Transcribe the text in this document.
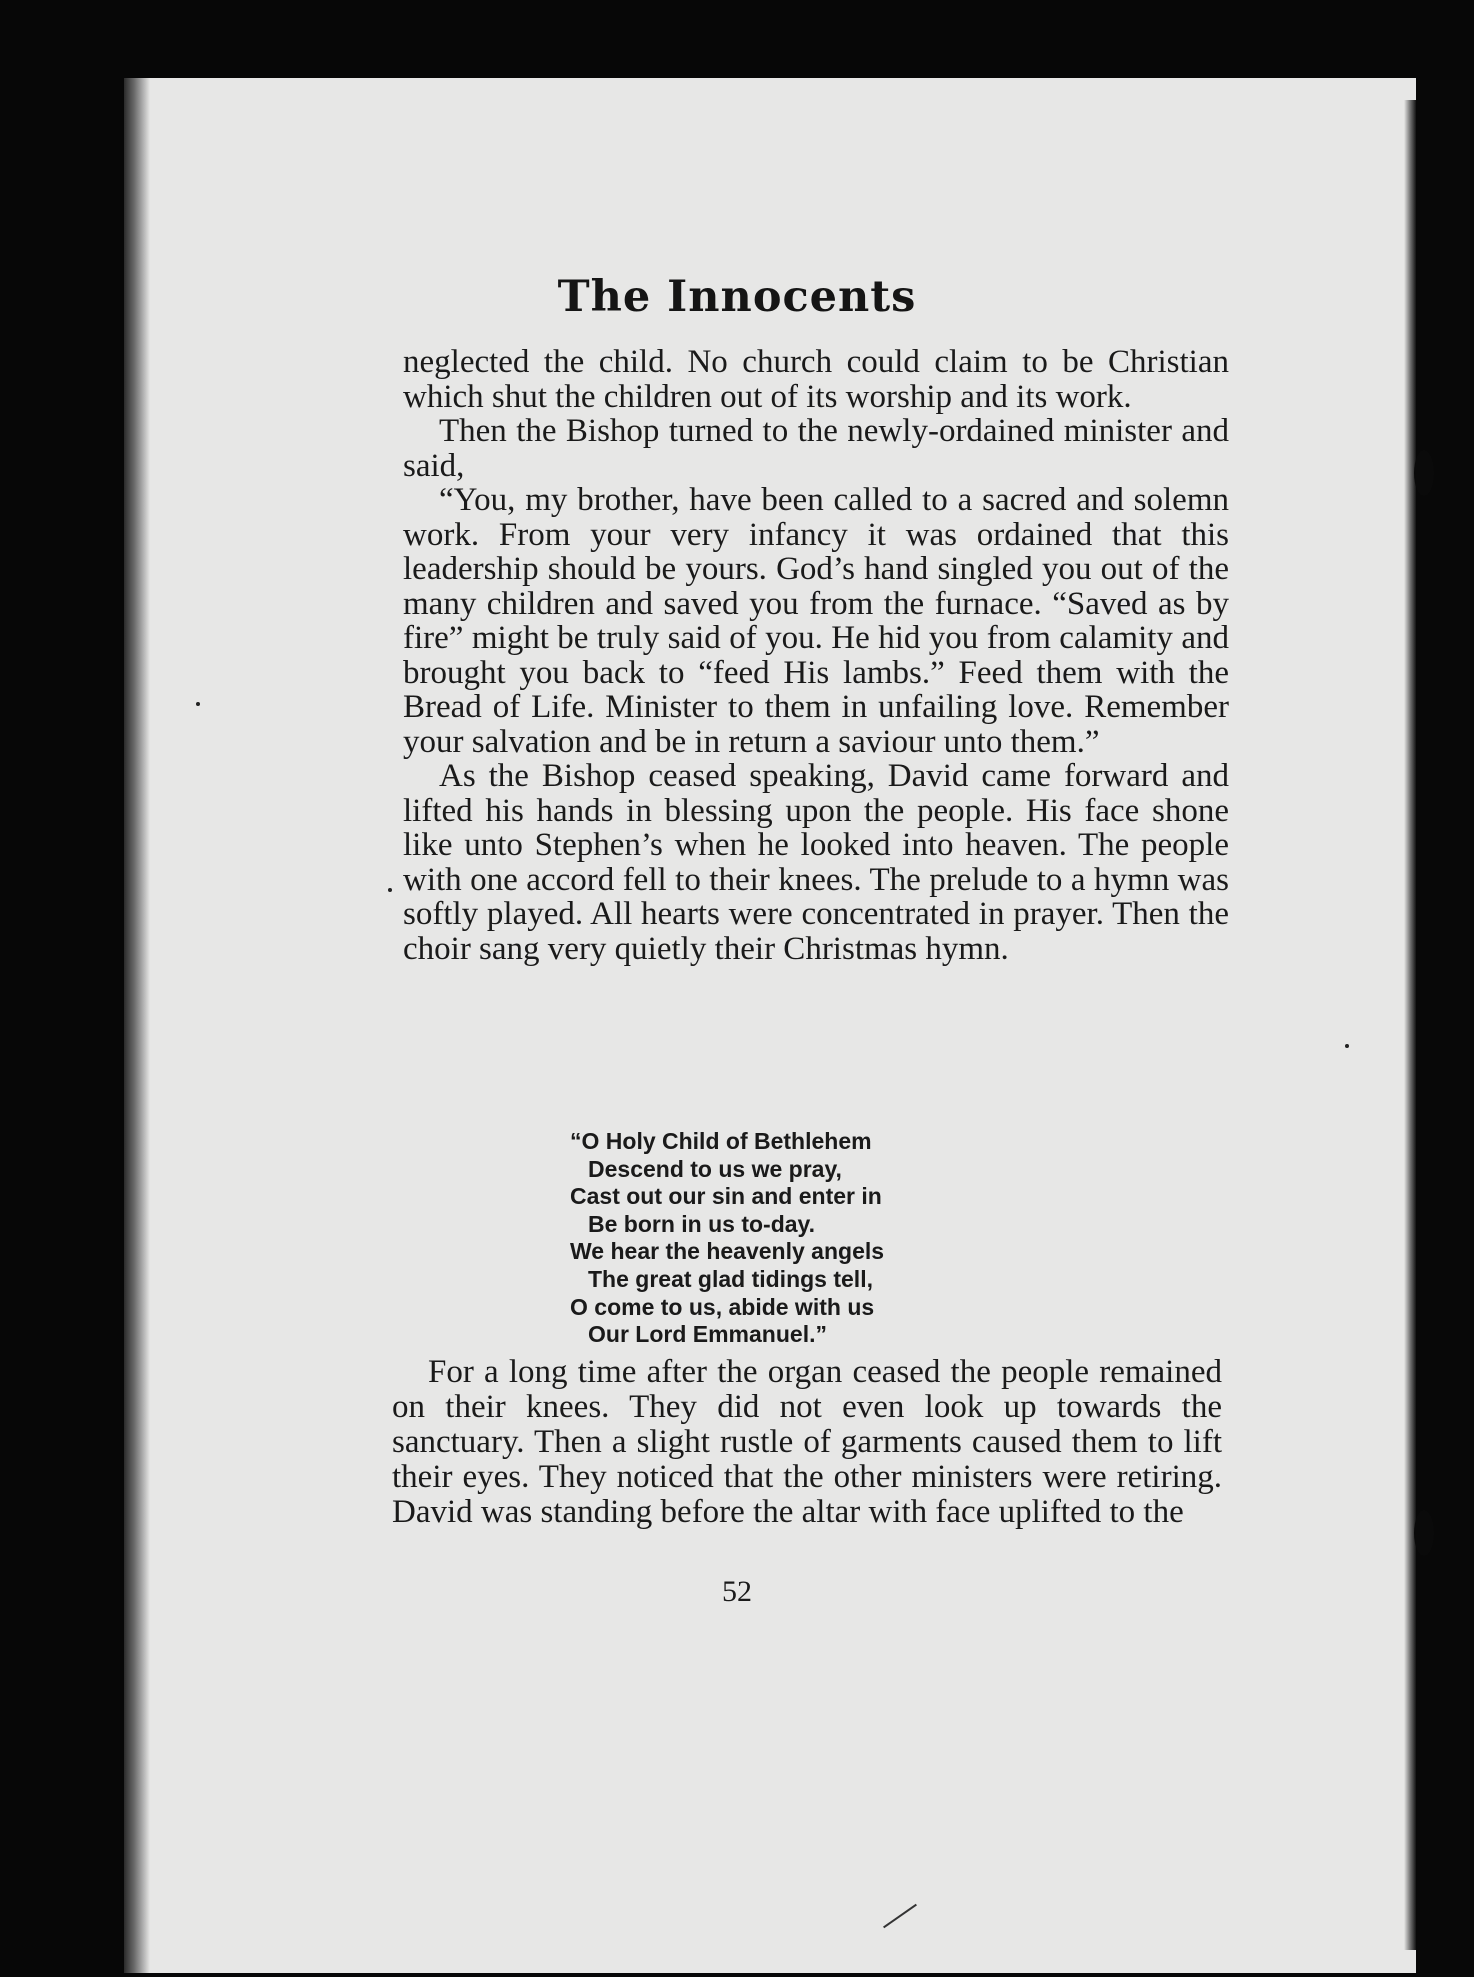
The Innocents

neglected the child. No church could claim to be Christian which shut the children out of its worship and its work.

Then the Bishop turned to the newly-ordained minister and said,

“You, my brother, have been called to a sacred and solemn work. From your very infancy it was ordained that this leadership should be yours. God’s hand singled you out of the many children and saved you from the furnace. “Saved as by fire” might be truly said of you. He hid you from calamity and brought you back to “feed His lambs.” Feed them with the Bread of Life. Minister to them in unfailing love. Remember your salvation and be in return a saviour unto them.”

As the Bishop ceased speaking, David came forward and lifted his hands in blessing upon the people. His face shone like unto Stephen’s when he looked into heaven. The people with one accord fell to their knees. The prelude to a hymn was softly played. All hearts were concentrated in prayer. Then the choir sang very quietly their Christmas hymn.

“O Holy Child of Bethlehem
Descend to us we pray,
Cast out our sin and enter in
Be born in us to-day.
We hear the heavenly angels
The great glad tidings tell,
O come to us, abide with us
Our Lord Emmanuel.”

For a long time after the organ ceased the people remained on their knees. They did not even look up towards the sanctuary. Then a slight rustle of garments caused them to lift their eyes. They noticed that the other ministers were retiring. David was standing before the altar with face uplifted to the

52
